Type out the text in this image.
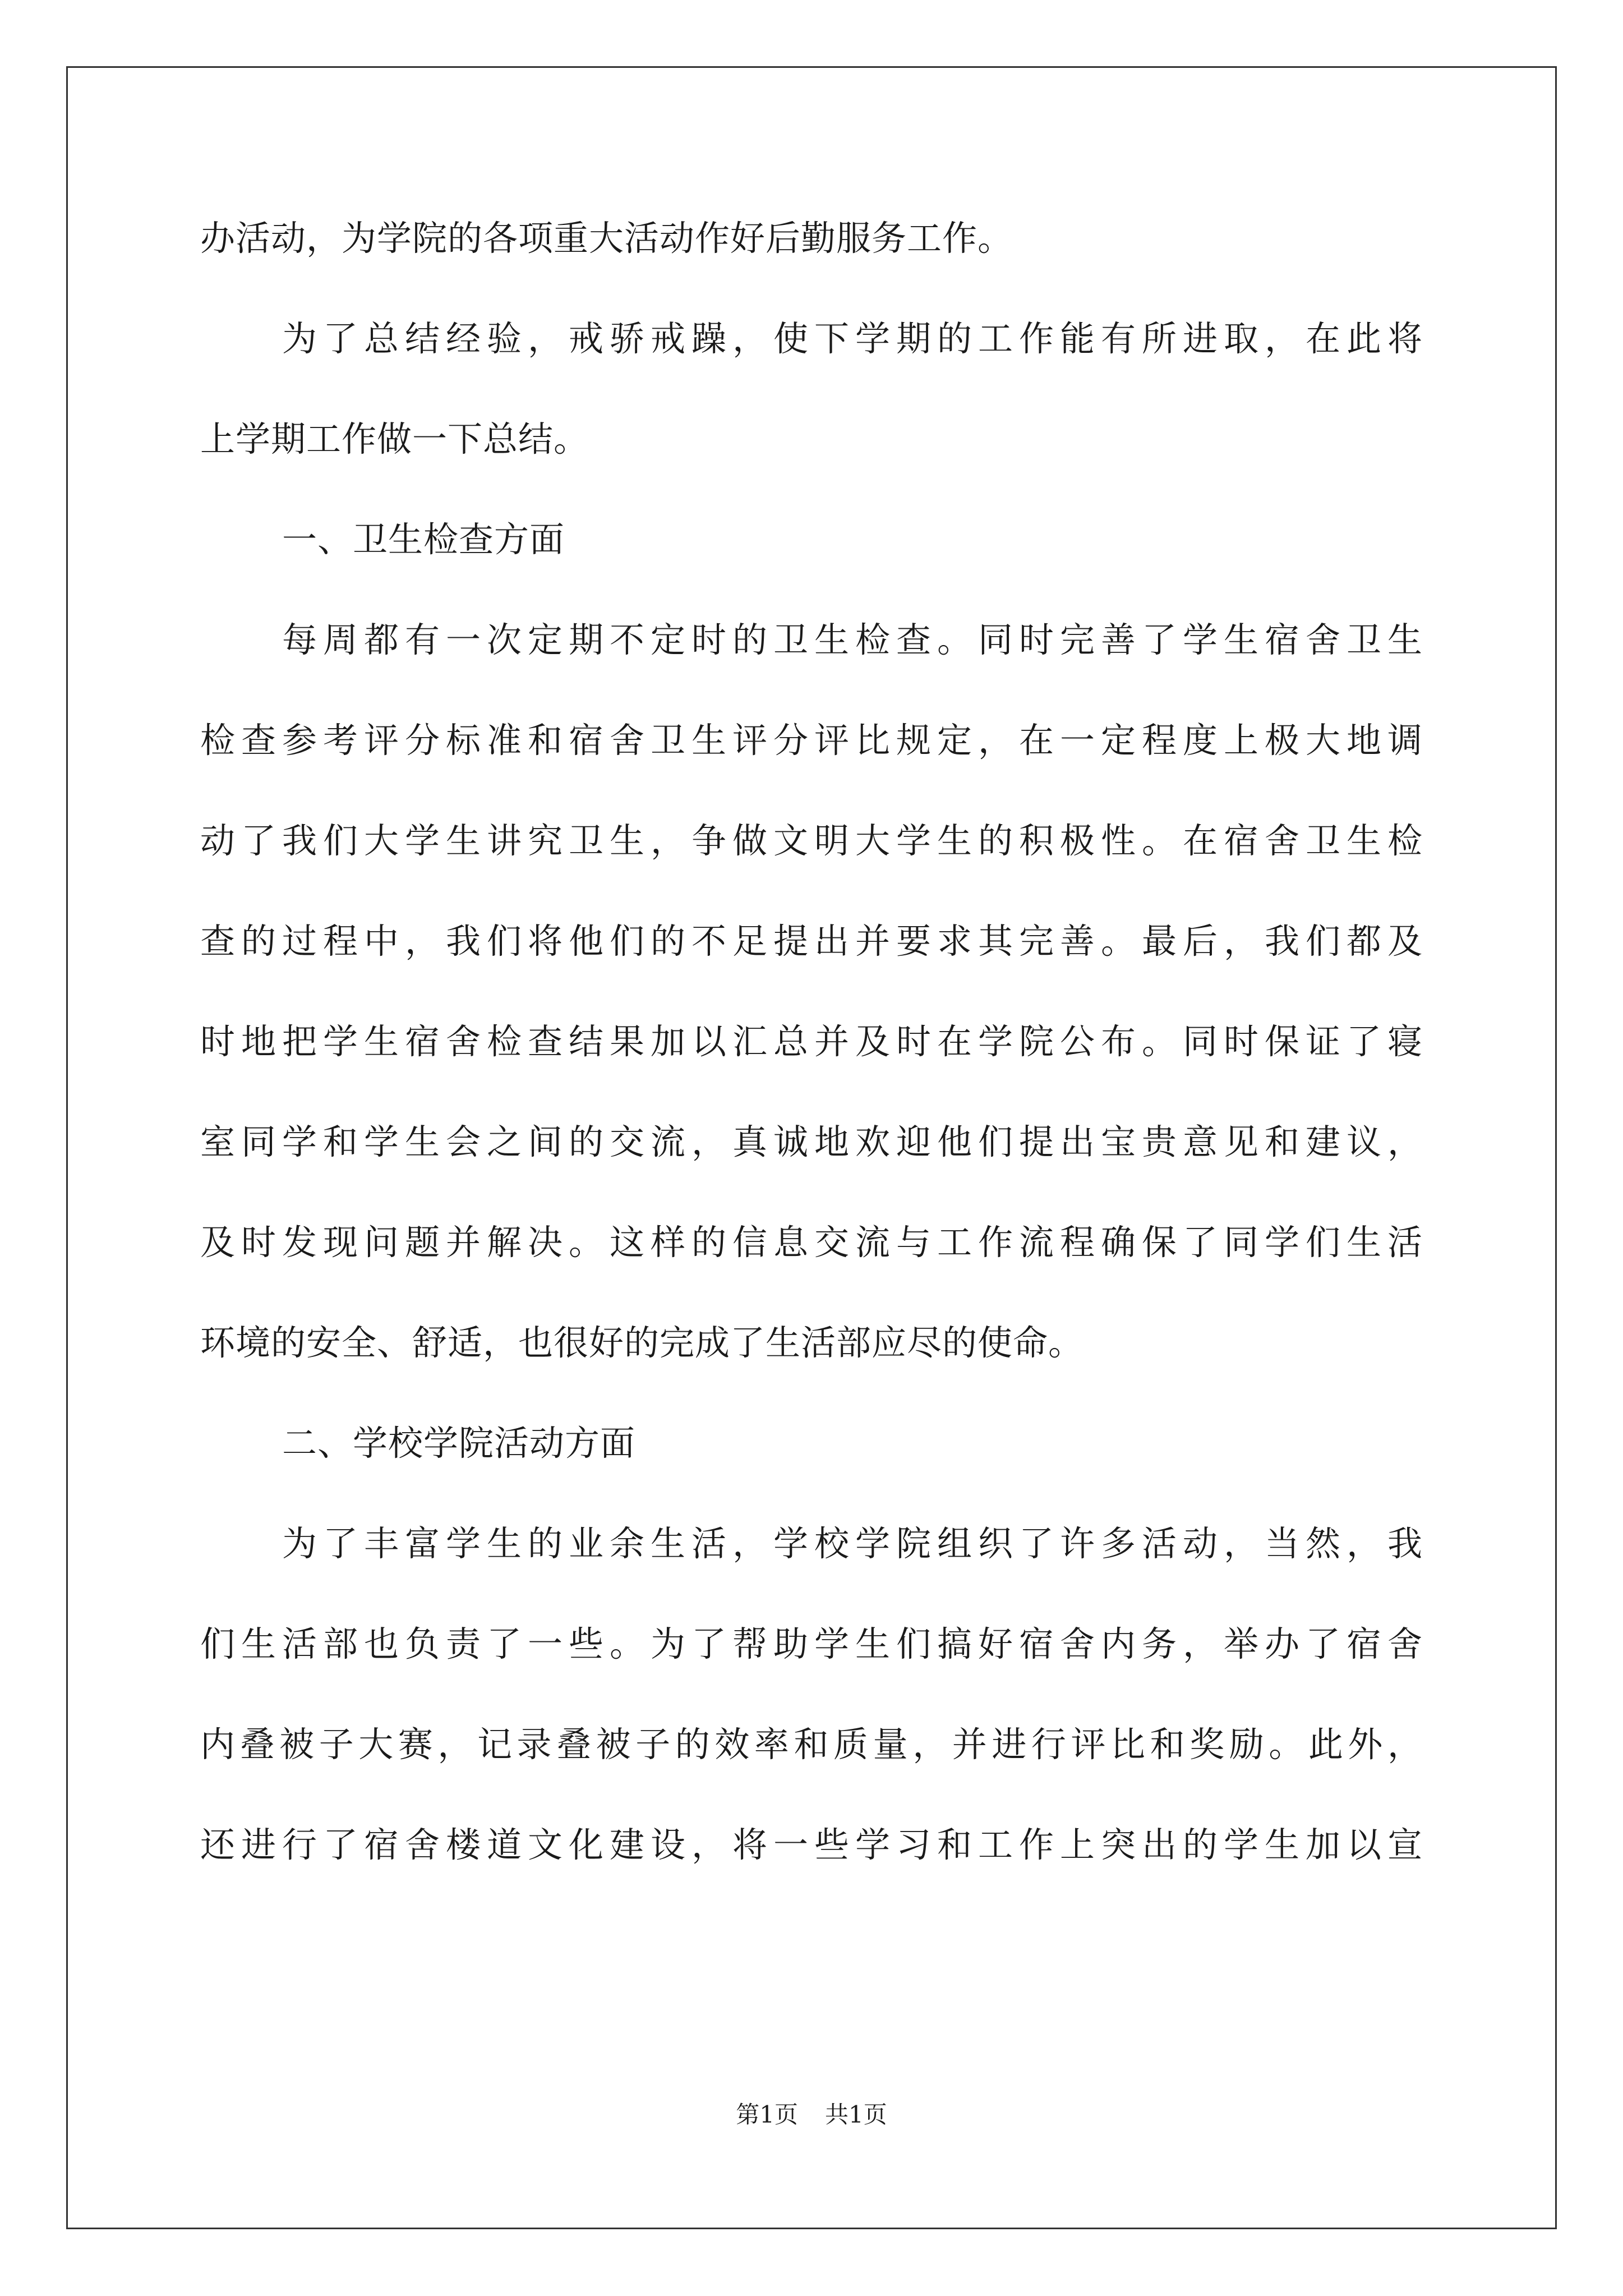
办活动，为学院的各项重大活动作好后勤服务工作。
为了总结经验，戒骄戒躁，使下学期的工作能有所进取，在此将
上学期工作做一下总结。
一、卫生检查方面
每周都有一次定期不定时的卫生检查。同时完善了学生宿舍卫生
检查参考评分标准和宿舍卫生评分评比规定，在一定程度上极大地调
动了我们大学生讲究卫生，争做文明大学生的积极性。在宿舍卫生检
查的过程中，我们将他们的不足提出并要求其完善。最后，我们都及
时地把学生宿舍检查结果加以汇总并及时在学院公布。同时保证了寝
室同学和学生会之间的交流，真诚地欢迎他们提出宝贵意见和建议，
及时发现问题并解决。这样的信息交流与工作流程确保了同学们生活
环境的安全、舒适，也很好的完成了生活部应尽的使命。
二、学校学院活动方面
为了丰富学生的业余生活，学校学院组织了许多活动，当然，我
们生活部也负责了一些。为了帮助学生们搞好宿舍内务，举办了宿舍
内叠被子大赛，记录叠被子的效率和质量，并进行评比和奖励。此外，
还进行了宿舍楼道文化建设，将一些学习和工作上突出的学生加以宣
第1页 共1页
